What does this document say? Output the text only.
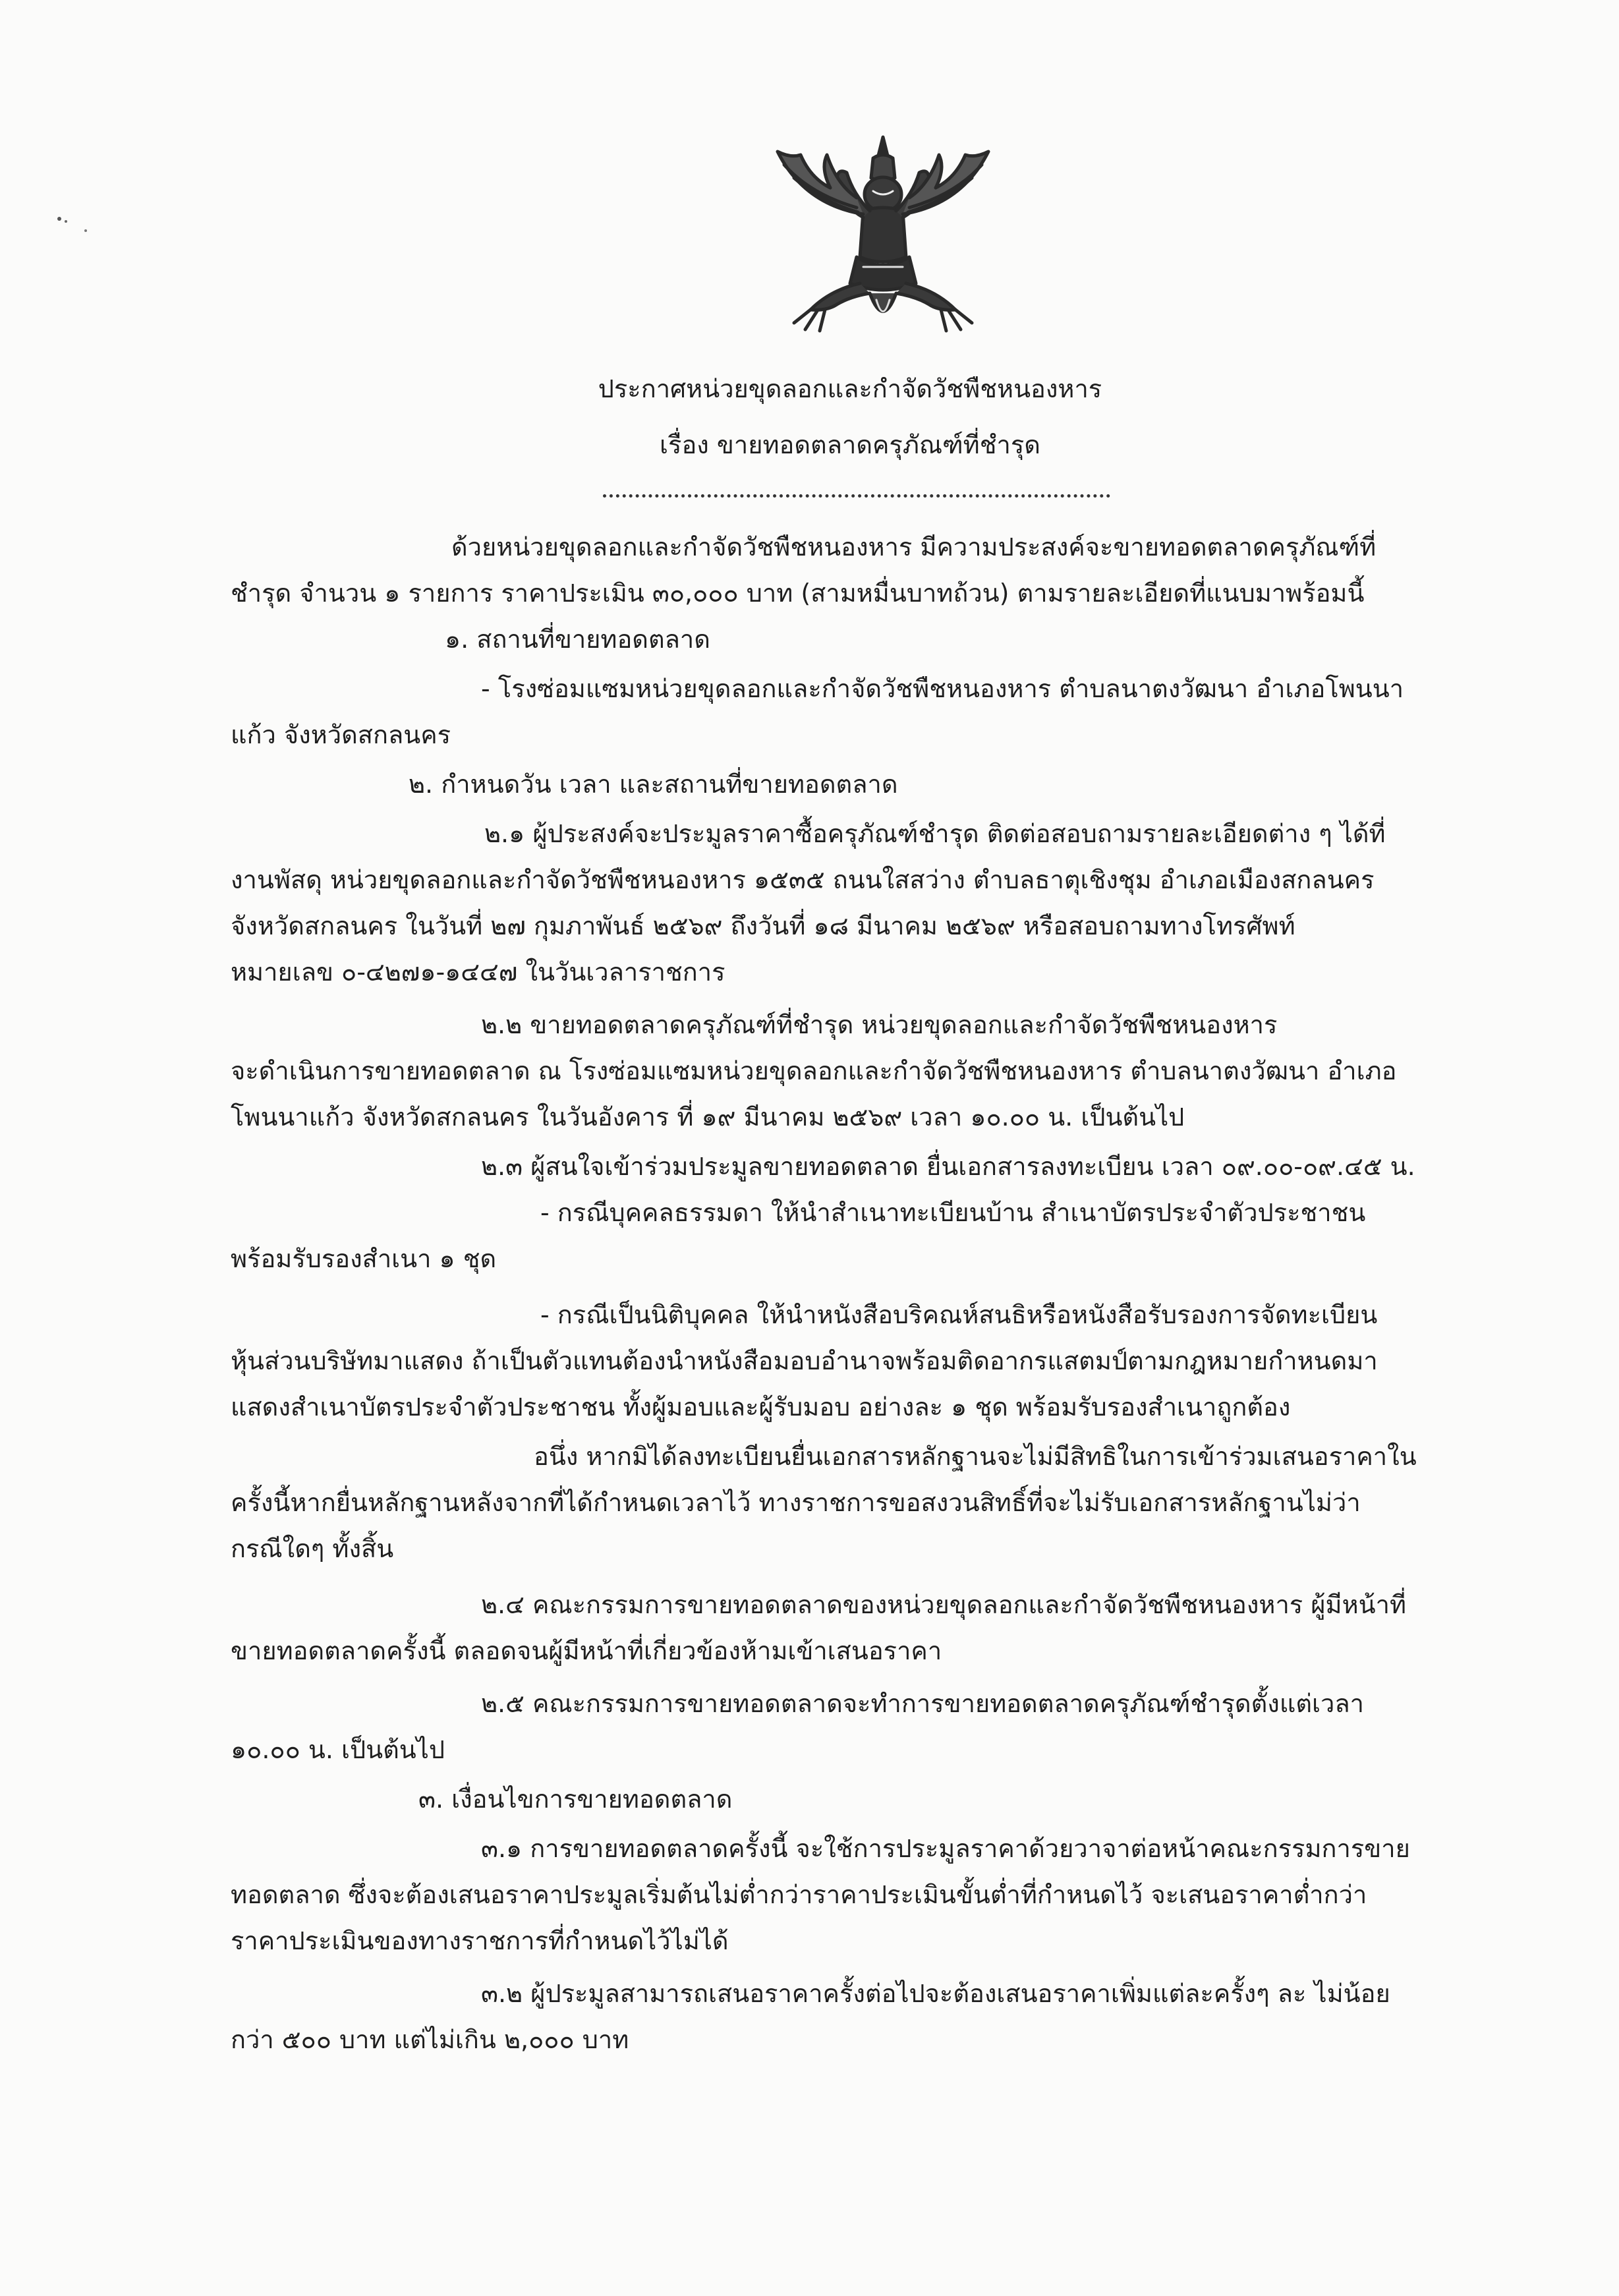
ประกาศหน่วยขุดลอกและกำจัดวัชพืชหนองหาร
เรื่อง ขายทอดตลาดครุภัณฑ์ที่ชำรุด
ด้วยหน่วยขุดลอกและกำจัดวัชพืชหนองหาร มีความประสงค์จะขายทอดตลาดครุภัณฑ์ที่
ชำรุด จำนวน ๑ รายการ ราคาประเมิน ๓๐,๐๐๐ บาท (สามหมื่นบาทถ้วน) ตามรายละเอียดที่แนบมาพร้อมนี้
๑. สถานที่ขายทอดตลาด
- โรงซ่อมแซมหน่วยขุดลอกและกำจัดวัชพืชหนองหาร ตำบลนาตงวัฒนา อำเภอโพนนา
แก้ว จังหวัดสกลนคร
๒. กำหนดวัน เวลา และสถานที่ขายทอดตลาด
๒.๑ ผู้ประสงค์จะประมูลราคาซื้อครุภัณฑ์ชำรุด ติดต่อสอบถามรายละเอียดต่าง ๆ ได้ที่
งานพัสดุ หน่วยขุดลอกและกำจัดวัชพืชหนองหาร ๑๕๓๕ ถนนใสสว่าง ตำบลธาตุเชิงชุม อำเภอเมืองสกลนคร
จังหวัดสกลนคร ในวันที่ ๒๗ กุมภาพันธ์ ๒๕๖๙ ถึงวันที่ ๑๘ มีนาคม ๒๕๖๙ หรือสอบถามทางโทรศัพท์
หมายเลข ๐-๔๒๗๑-๑๔๔๗ ในวันเวลาราชการ
๒.๒ ขายทอดตลาดครุภัณฑ์ที่ชำรุด หน่วยขุดลอกและกำจัดวัชพืชหนองหาร
จะดำเนินการขายทอดตลาด ณ โรงซ่อมแซมหน่วยขุดลอกและกำจัดวัชพืชหนองหาร ตำบลนาตงวัฒนา อำเภอ
โพนนาแก้ว จังหวัดสกลนคร ในวันอังคาร ที่ ๑๙ มีนาคม ๒๕๖๙ เวลา ๑๐.๐๐ น. เป็นต้นไป
๒.๓ ผู้สนใจเข้าร่วมประมูลขายทอดตลาด ยื่นเอกสารลงทะเบียน เวลา ๐๙.๐๐-๐๙.๔๕ น.
- กรณีบุคคลธรรมดา ให้นำสำเนาทะเบียนบ้าน สำเนาบัตรประจำตัวประชาชน
พร้อมรับรองสำเนา ๑ ชุด
- กรณีเป็นนิติบุคคล ให้นำหนังสือบริคณห์สนธิหรือหนังสือรับรองการจัดทะเบียน
หุ้นส่วนบริษัทมาแสดง ถ้าเป็นตัวแทนต้องนำหนังสือมอบอำนาจพร้อมติดอากรแสตมป์ตามกฎหมายกำหนดมา
แสดงสำเนาบัตรประจำตัวประชาชน ทั้งผู้มอบและผู้รับมอบ อย่างละ ๑ ชุด พร้อมรับรองสำเนาถูกต้อง
อนึ่ง หากมิได้ลงทะเบียนยื่นเอกสารหลักฐานจะไม่มีสิทธิในการเข้าร่วมเสนอราคาใน
ครั้งนี้หากยื่นหลักฐานหลังจากที่ได้กำหนดเวลาไว้ ทางราชการขอสงวนสิทธิ์ที่จะไม่รับเอกสารหลักฐานไม่ว่า
กรณีใดๆ ทั้งสิ้น
๒.๔ คณะกรรมการขายทอดตลาดของหน่วยขุดลอกและกำจัดวัชพืชหนองหาร ผู้มีหน้าที่
ขายทอดตลาดครั้งนี้ ตลอดจนผู้มีหน้าที่เกี่ยวข้องห้ามเข้าเสนอราคา
๒.๕ คณะกรรมการขายทอดตลาดจะทำการขายทอดตลาดครุภัณฑ์ชำรุดตั้งแต่เวลา
๑๐.๐๐ น. เป็นต้นไป
๓. เงื่อนไขการขายทอดตลาด
๓.๑ การขายทอดตลาดครั้งนี้ จะใช้การประมูลราคาด้วยวาจาต่อหน้าคณะกรรมการขาย
ทอดตลาด ซึ่งจะต้องเสนอราคาประมูลเริ่มต้นไม่ต่ำกว่าราคาประเมินขั้นต่ำที่กำหนดไว้ จะเสนอราคาต่ำกว่า
ราคาประเมินของทางราชการที่กำหนดไว้ไม่ได้
๓.๒ ผู้ประมูลสามารถเสนอราคาครั้งต่อไปจะต้องเสนอราคาเพิ่มแต่ละครั้งๆ ละ ไม่น้อย
กว่า ๕๐๐ บาท แต่ไม่เกิน ๒,๐๐๐ บาท
